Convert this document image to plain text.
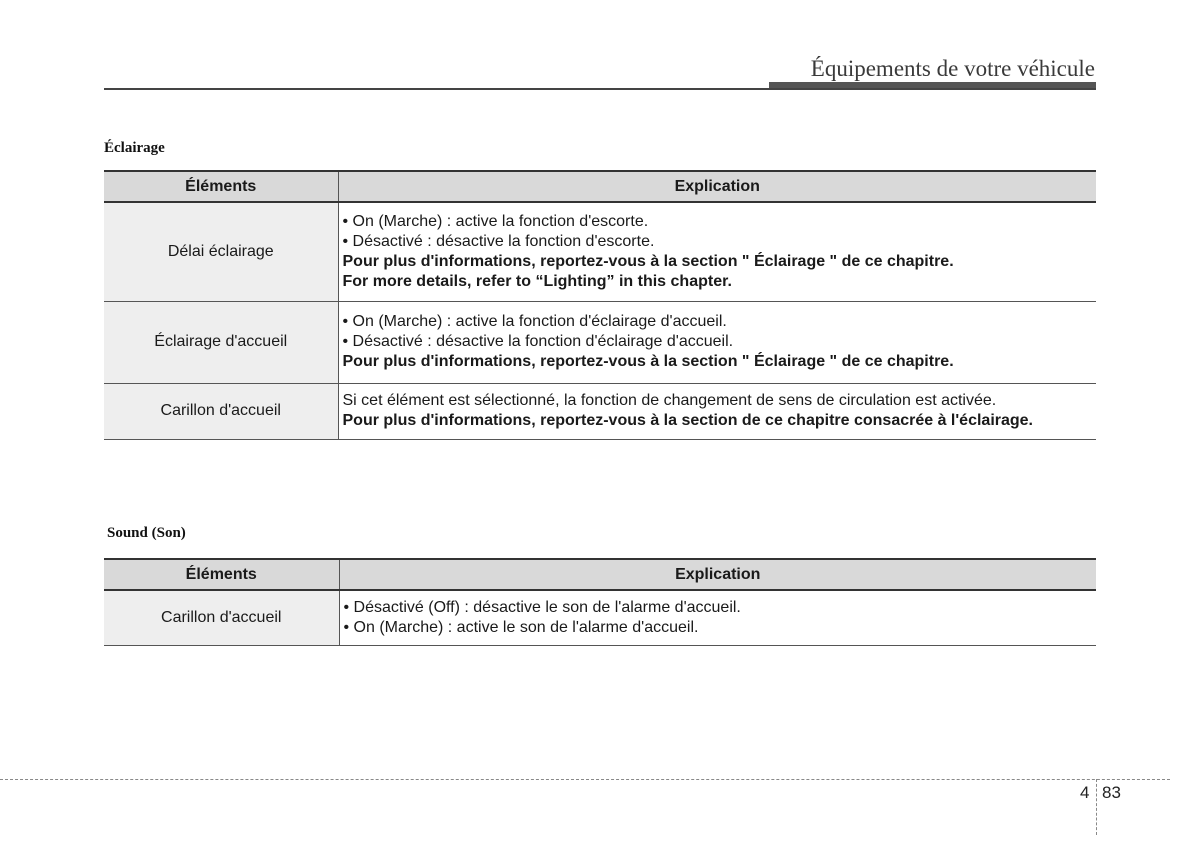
Équipements de votre véhicule
Éclairage
Éléments	Explication
Délai éclairage	• On (Marche) : active la fonction d'escorte.
• Désactivé : désactive la fonction d'escorte.
Pour plus d'informations, reportez-vous à la section " Éclairage " de ce chapitre.
For more details, refer to “Lighting” in this chapter.

Éclairage d'accueil	• On (Marche) : active la fonction d'éclairage d'accueil.
• Désactivé : désactive la fonction d'éclairage d'accueil.
Pour plus d'informations, reportez-vous à la section " Éclairage " de ce chapitre.

Carillon d'accueil	Si cet élément est sélectionné, la fonction de changement de sens de circulation est activée.
Pour plus d'informations, reportez-vous à la section de ce chapitre consacrée à l'éclairage.
Sound (Son)
Éléments	Explication
Carillon d'accueil	• Désactivé (Off) : désactive le son de l'alarme d'accueil.
• On (Marche) : active le son de l'alarme d'accueil.
4 83
